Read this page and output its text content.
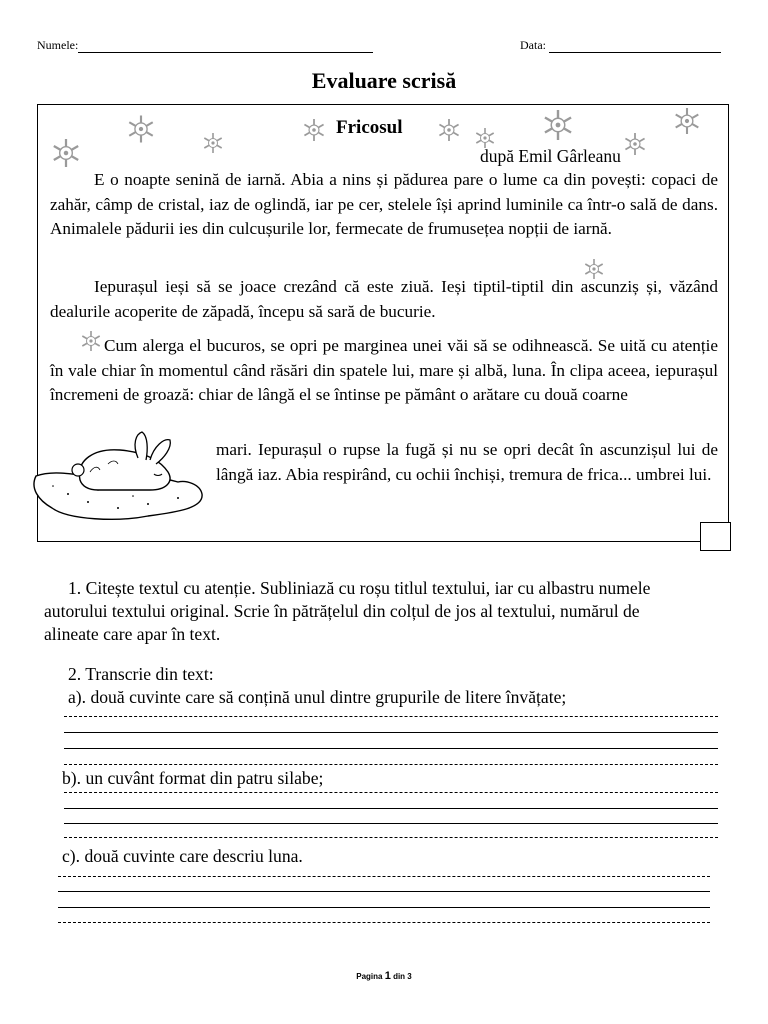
Numele:	Data:
Evaluare scrisă
Fricosul
după Emil Gârleanu
E o noapte senină de iarnă. Abia a nins și pădurea pare o lume ca din povești: copaci de zahăr, câmp de cristal, iaz de oglindă, iar pe cer, stelele își aprind luminile ca într-o sală de dans. Animalele pădurii ies din culcușurile lor, fermecate de frumusețea nopții de iarnă.
Iepurașul ieși să se joace crezând că este ziuă. Ieși tiptil-tiptil din ascunziș și, văzând dealurile acoperite de zăpadă, începu să sară de bucurie.
Cum alerga el bucuros, se opri pe marginea unei văi să se odihnească. Se uită cu atenție în vale chiar în momentul când răsări din spatele lui, mare și albă, luna. În clipa aceea, iepurașul încremeni de groază: chiar de lângă el se întinse pe pământ o arătare cu două coarne
mari. Iepurașul o rupse la fugă și nu se opri decât în ascunzișul lui de lângă iaz. Abia respirând, cu ochii închiși, tremura de frica... umbrei lui.
1. Citește textul cu atenție. Subliniază cu roșu titlul textului, iar cu albastru numele autorului textului original. Scrie în pătrățelul din colțul de jos al textului, numărul de alineate care apar în text.
2. Transcrie din text:
a). două cuvinte care să conțină unul dintre grupurile de litere învățate;
b). un cuvânt format din patru silabe;
c). două cuvinte care descriu luna.
Pagina 1 din 3
